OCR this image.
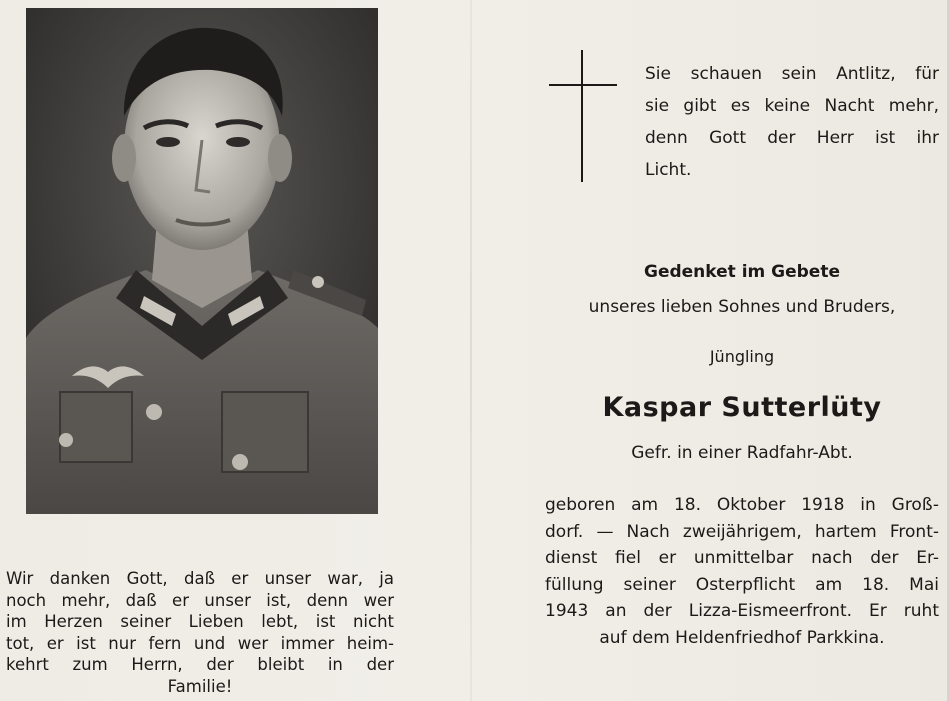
Wir danken Gott, daß er unser war, ja
noch mehr, daß er unser ist, denn wer
im Herzen seiner Lieben lebt, ist nicht
tot, er ist nur fern und wer immer heim-
kehrt zum Herrn, der bleibt in der
Familie!
Sie schauen sein Antlitz, für
sie gibt es keine Nacht mehr,
denn Gott der Herr ist ihr
Licht.
Gedenket im Gebete
unseres lieben Sohnes und Bruders,
Jüngling
Kaspar Sutterlüty
Gefr. in einer Radfahr-Abt.
geboren am 18. Oktober 1918 in Groß-
dorf. — Nach zweijährigem, hartem Front-
dienst fiel er unmittelbar nach der Er-
füllung seiner Osterpflicht am 18. Mai
1943 an der Lizza-Eismeerfront. Er ruht
auf dem Heldenfriedhof Parkkina.
